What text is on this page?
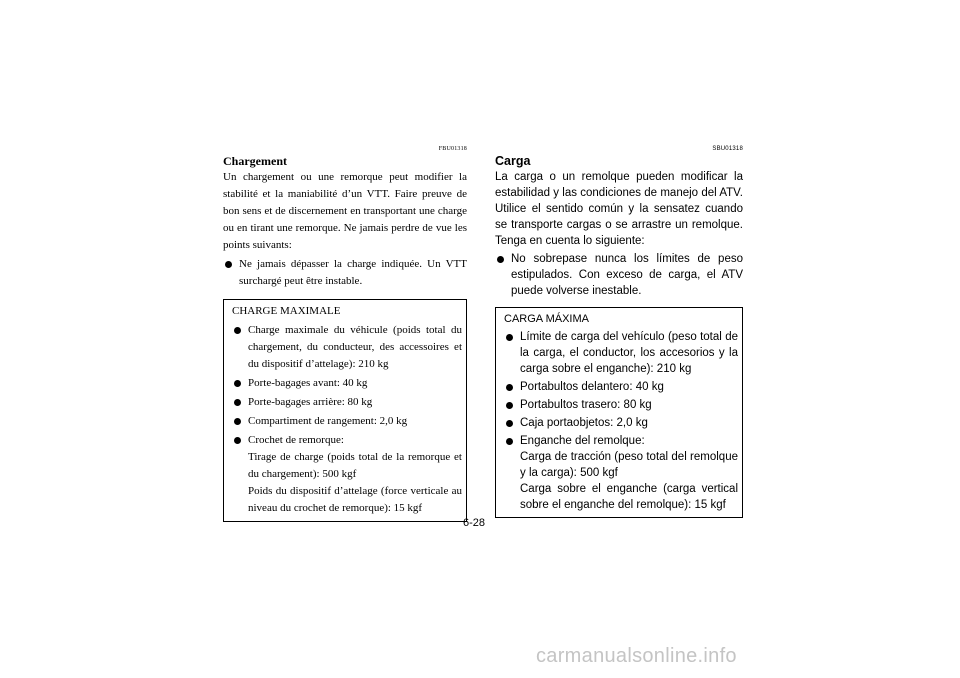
FBU01318
Chargement

Un chargement ou une remorque peut modifier la stabilité et la maniabilité d’un VTT. Faire preuve de bon sens et de discernement en transportant une charge ou en tirant une remorque. Ne jamais perdre de vue les points suivants:

Ne jamais dépasser la charge indiquée. Un VTT surchargé peut être instable.
CHARGE MAXIMALE
Charge maximale du véhicule (poids total du chargement, du conducteur, des accessoires et du dispositif d’attelage): 210 kg
Porte-bagages avant: 40 kg
Porte-bagages arrière: 80 kg
Compartiment de rangement: 2,0 kg
Crochet de remorque:
Tirage de charge (poids total de la remorque et du chargement): 500 kgf
Poids du dispositif d’attelage (force verticale au niveau du crochet de remorque): 15 kgf
SBU01318
Carga

La carga o un remolque pueden modificar la estabilidad y las condiciones de manejo del ATV. Utilice el sentido común y la sensatez cuando se transporte cargas o se arrastre un remolque. Tenga en cuenta lo siguiente:

No sobrepase nunca los límites de peso estipulados. Con exceso de carga, el ATV puede volverse inestable.
CARGA MÁXIMA
Límite de carga del vehículo (peso total de la carga, el conductor, los accesorios y la carga sobre el enganche): 210 kg
Portabultos delantero: 40 kg
Portabultos trasero: 80 kg
Caja portaobjetos: 2,0 kg
Enganche del remolque:
Carga de tracción (peso total del remolque y la carga): 500 kgf
Carga sobre el enganche (carga vertical sobre el enganche del remolque): 15 kgf
6-28
carmanualsonline.info
